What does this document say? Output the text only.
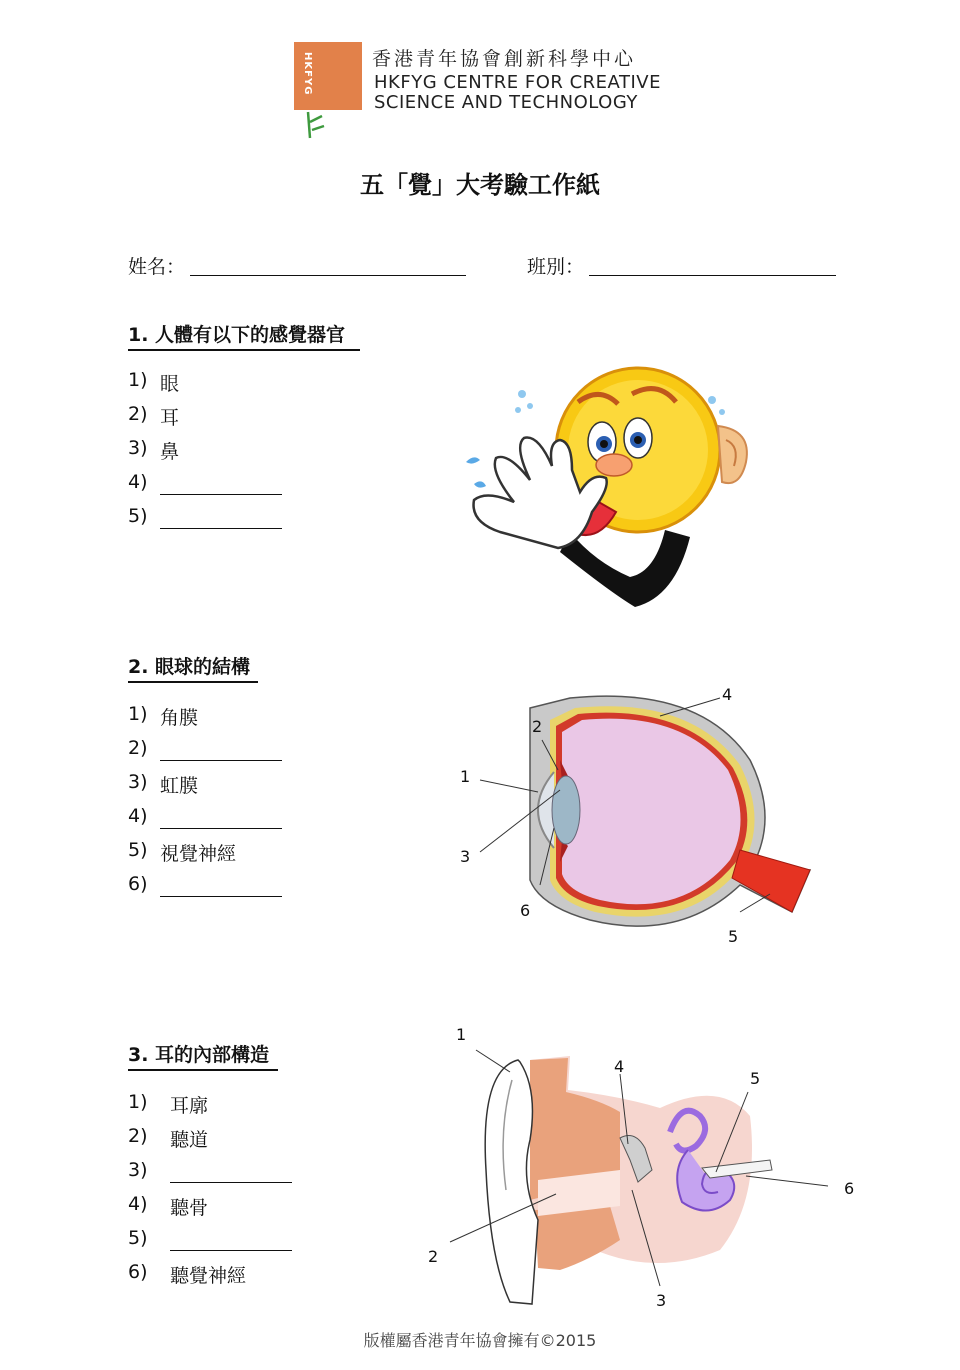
HKFYG	香港青年協會創新科學中心
HKFYG CENTRE FOR CREATIVE
SCIENCE AND TECHNOLOGY
五「覺」大考驗工作紙
姓名：	班別：
1. 人體有以下的感覺器官
1) 眼
2) 耳
3) 鼻
4)
5)
2. 眼球的結構
1) 角膜
2)
3) 虹膜
4)
5) 視覺神經
6)
1
2
3
4
5
6
3. 耳的內部構造
1) 耳廓
2) 聽道
3)
4) 聽骨
5)
6) 聽覺神經
1
2
3
4
5
6
版權屬香港青年協會擁有©2015
